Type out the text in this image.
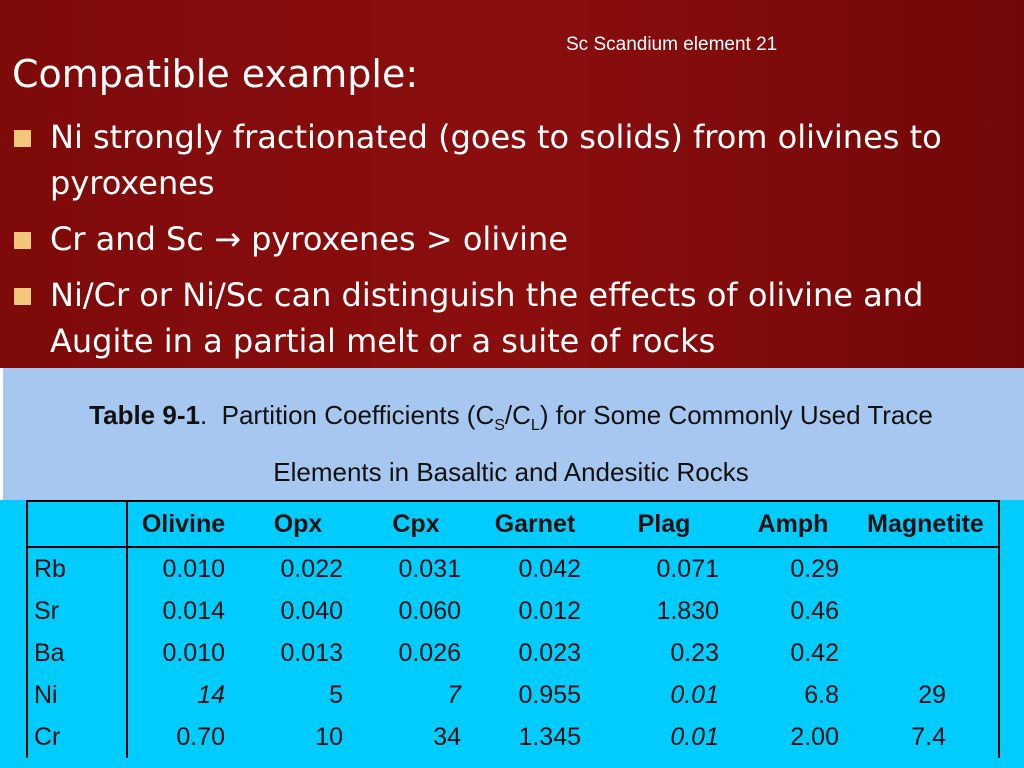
Sc Scandium element 21
Compatible example:
Ni strongly fractionated (goes to solids) from olivines to pyroxenes
Cr and Sc → pyroxenes > olivine
Ni/Cr or Ni/Sc can distinguish the effects of olivine and Augite in a partial melt or a suite of rocks
Table 9-1.  Partition Coefficients $(C_S/C_L)$ for Some Commonly Used Trace
Elements in Basaltic and Andesitic Rocks
	Olivine	Opx	Cpx	Garnet	Plag	Amph	Magnetite
Rb	0.010	0.022	0.031	0.042	0.071	0.29	
Sr	0.014	0.040	0.060	0.012	1.830	0.46	
Ba	0.010	0.013	0.026	0.023	0.23	0.42	
Ni	14	5	7	0.955	0.01	6.8	29
Cr	0.70	10	34	1.345	0.01	2.00	7.4
